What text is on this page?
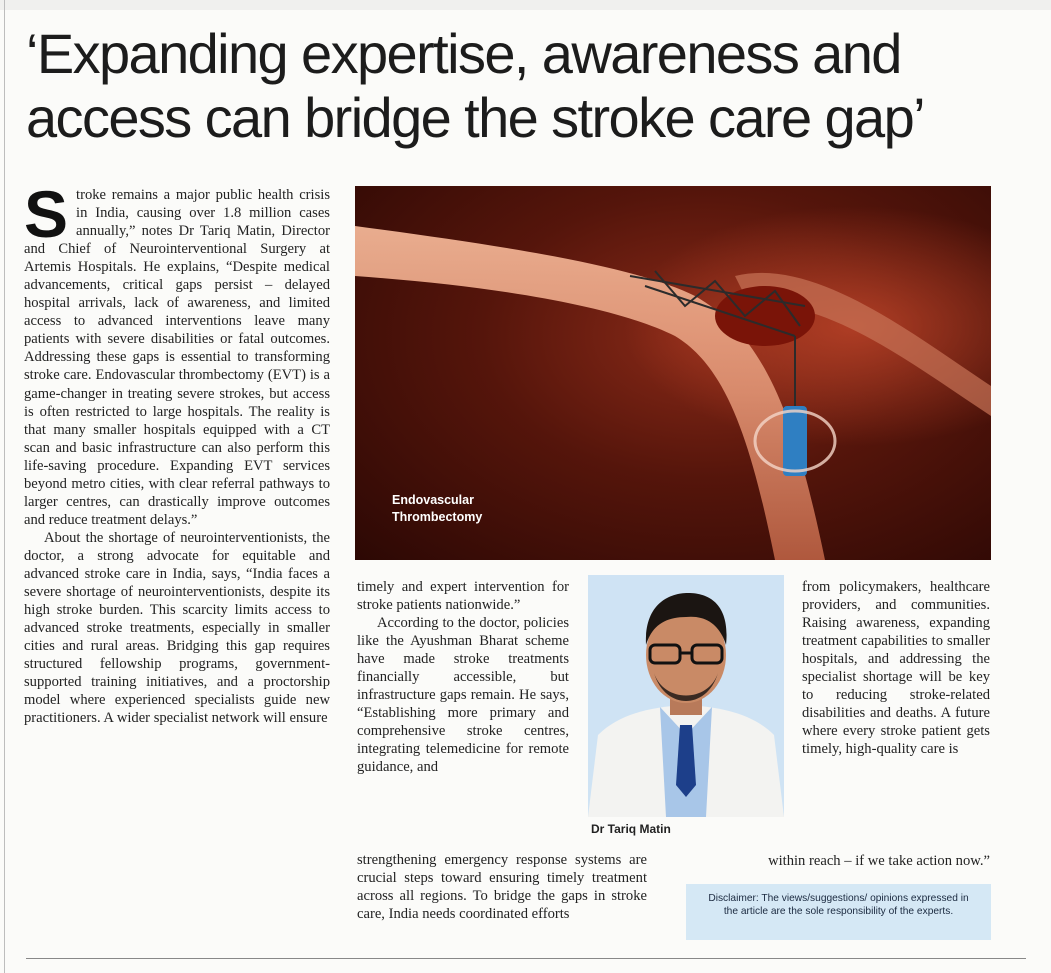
‘Expanding expertise, awareness and access can bridge the stroke care gap’
S troke remains a major public health crisis in India, causing over 1.8 million cases annually,” notes Dr Tariq Matin, Director and Chief of Neurointerventional Surgery at Artemis Hospitals. He explains, “Despite medical advancements, critical gaps persist – delayed hospital arrivals, lack of awareness, and limited access to advanced interventions leave many patients with severe disabilities or fatal outcomes. Addressing these gaps is essential to transforming stroke care. Endovascular thrombectomy (EVT) is a game-changer in treating severe strokes, but access is often restricted to large hospitals. The reality is that many smaller hospitals equipped with a CT scan and basic infrastructure can also perform this life-saving procedure. Expanding EVT services beyond metro cities, with clear referral pathways to larger centres, can drastically improve outcomes and reduce treatment delays.”

About the shortage of neurointerventionists, the doctor, a strong advocate for equitable and advanced stroke care in India, says, “India faces a severe shortage of neurointerventionists, despite its high stroke burden. This scarcity limits access to advanced stroke treatments, especially in smaller cities and rural areas. Bridging this gap requires structured fellowship programs, government-supported training initiatives, and a proctorship model where experienced specialists guide new practitioners. A wider specialist network will ensure

Endovascular
Thrombectomy

timely and expert intervention for stroke patients nationwide.”

According to the doctor, policies like the Ayushman Bharat scheme have made stroke treatments financially accessible, but infrastructure gaps remain. He says, “Establishing more primary and comprehensive stroke centres, integrating telemedicine for remote guidance, and

strengthening emergency response systems are crucial steps toward ensuring timely treatment across all regions. To bridge the gaps in stroke care, India needs coordinated efforts

Dr Tariq Matin

from policymakers, healthcare providers, and communities. Raising awareness, expanding treatment capabilities to smaller hospitals, and addressing the specialist shortage will be key to reducing stroke-related disabilities and deaths. A future where every stroke patient gets timely, high-quality care is

within reach – if we take action now.”
Disclaimer: The views/suggestions/ opinions expressed in the article are the sole responsibility of the experts.
